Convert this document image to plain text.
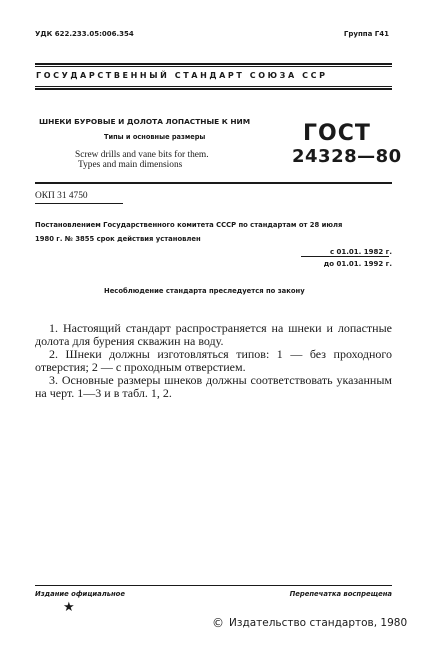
УДК 622.233.05:006.354	Группа Г41
ГОСУДАРСТВЕННЫЙ СТАНДАРТ СОЮЗА ССР
ШНЕКИ БУРОВЫЕ И ДОЛОТА ЛОПАСТНЫЕ К НИМ
Типы и основные размеры
Screw drills and vane bits for them.
Types and main dimensions
ГОСТ
24328—80
ОКП 31 4750
Постановлением Государственного комитета СССР по стандартам от 28 июля
1980 г. № 3855 срок действия установлен
с 01.01. 1982 г.
до 01.01. 1992 г.
Несоблюдение стандарта преследуется по закону

1. Настоящий стандарт распространяется на шнеки и лопастные долота для бурения скважин на воду.

2. Шнеки должны изготовляться типов: 1 — без проходного отверстия; 2 — с проходным отверстием.

3. Основные размеры шнеков должны соответствовать указанным на черт. 1—3 и в табл. 1, 2.

Издание официальное	Перепечатка воспрещена
★
© Издательство стандартов, 1980
